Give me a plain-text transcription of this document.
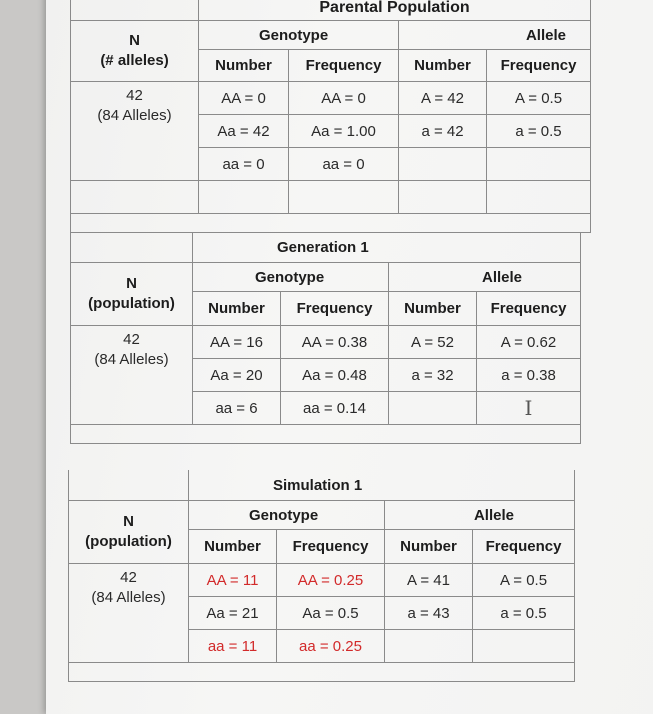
	Parental Population			

N
(# alleles)	Genotype		Allele	
	Number	Frequency	Number	Frequency

42
(84 Alleles)	AA = 0	AA = 0	A = 42	A = 0.5
	Aa = 42	Aa = 1.00	a = 42	a = 0.5
	aa = 0	aa = 0		

	Generation 1			

N
(population)	Genotype		Allele	
	Number	Frequency	Number	Frequency

42
(84 Alleles)	AA = 16	AA = 0.38	A = 52	A = 0.62
	Aa = 20	Aa = 0.48	a = 32	a = 0.38
	aa = 6	aa = 0.14		I

	Simulation 1			

N
(population)	Genotype		Allele	
	Number	Frequency	Number	Frequency

42
(84 Alleles)	AA = 11	AA = 0.25	A = 41	A = 0.5
	Aa = 21	Aa = 0.5	a = 43	a = 0.5
	aa = 11	aa = 0.25		
